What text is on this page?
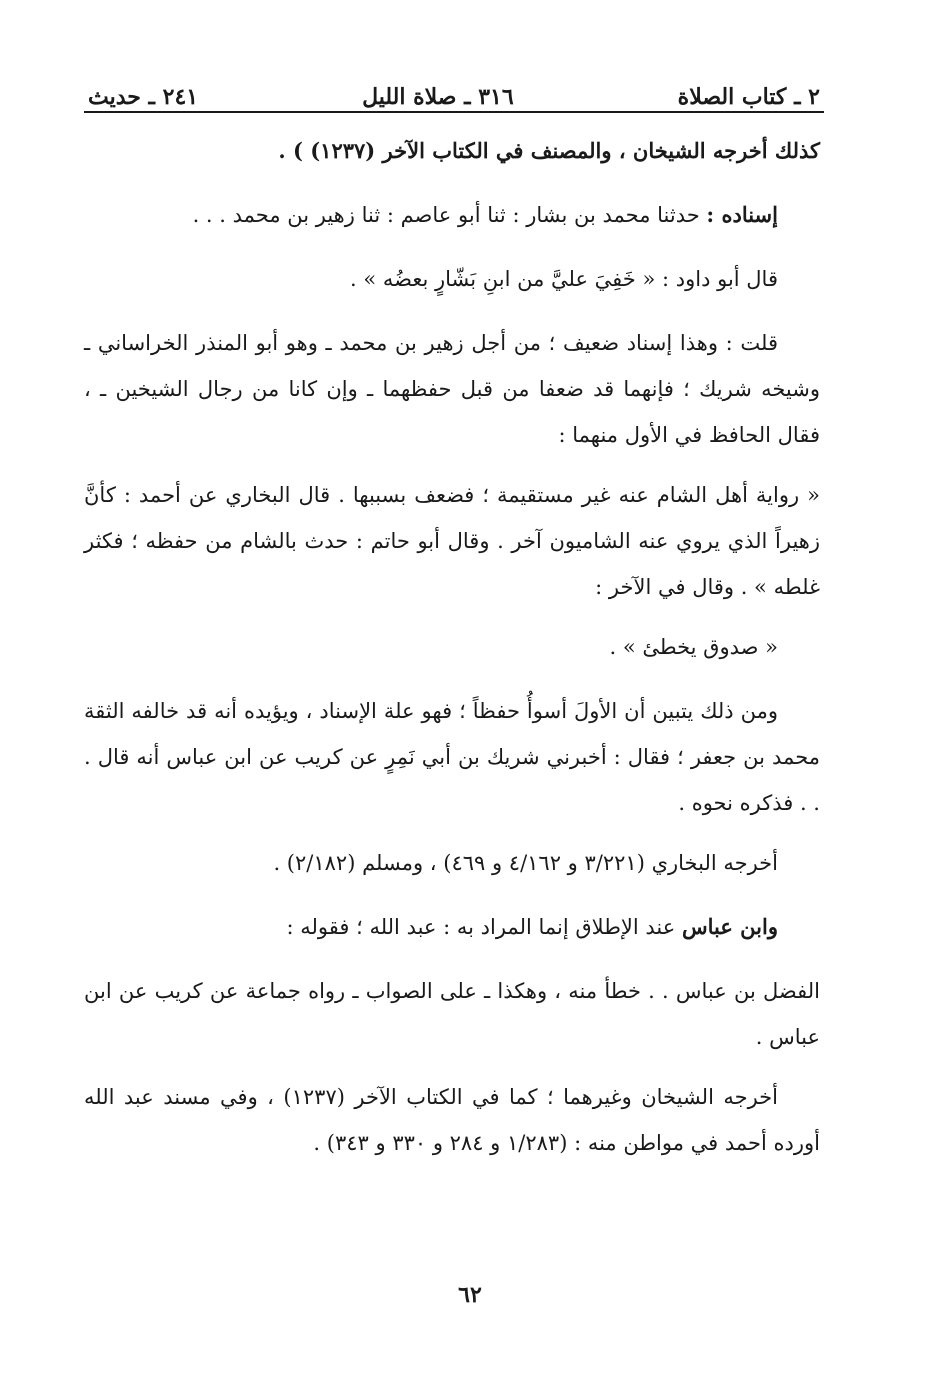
٢ ـ كتاب الصلاة
٣١٦ ـ صلاة الليل
٢٤١ ـ حديث

كذلك أخرجه الشيخان ، والمصنف في الكتاب الآخر (١٢٣٧) ) .

إسناده : حدثنا محمد بن بشار : ثنا أبو عاصم : ثنا زهير بن محمد . . .

قال أبو داود : « خَفِيَ عليَّ من ابنِ بَشّارٍ بعضُه » .

قلت : وهذا إسناد ضعيف ؛ من أجل زهير بن محمد ـ وهو أبو المنذر الخراساني ـ وشيخه شريك ؛ فإنهما قد ضعفا من قبل حفظهما ـ وإن كانا من رجال الشيخين ـ ، فقال الحافظ في الأول منهما :

« رواية أهل الشام عنه غير مستقيمة ؛ فضعف بسببها . قال البخاري عن أحمد : كأنَّ زهيراً الذي يروي عنه الشاميون آخر . وقال أبو حاتم : حدث بالشام من حفظه ؛ فكثر غلطه » . وقال في الآخر :

« صدوق يخطئ » .

ومن ذلك يتبين أن الأولَ أسوأُ حفظاً ؛ فهو علة الإسناد ، ويؤيده أنه قد خالفه الثقة محمد بن جعفر ؛ فقال : أخبرني شريك بن أبي نَمِرٍ عن كريب عن ابن عباس أنه قال . . . فذكره نحوه .

أخرجه البخاري (٣/٢٢١ و ٤/١٦٢ و ٤٦٩) ، ومسلم (٢/١٨٢) .

وابن عباس عند الإطلاق إنما المراد به : عبد الله ؛ فقوله :

الفضل بن عباس . . خطأ منه ، وهكذا ـ على الصواب ـ رواه جماعة عن كريب عن ابن عباس .

أخرجه الشيخان وغيرهما ؛ كما في الكتاب الآخر (١٢٣٧) ، وفي مسند عبد الله أورده أحمد في مواطن منه : (١/٢٨٣ و ٢٨٤ و ٣٣٠ و ٣٤٣) .

٦٢
